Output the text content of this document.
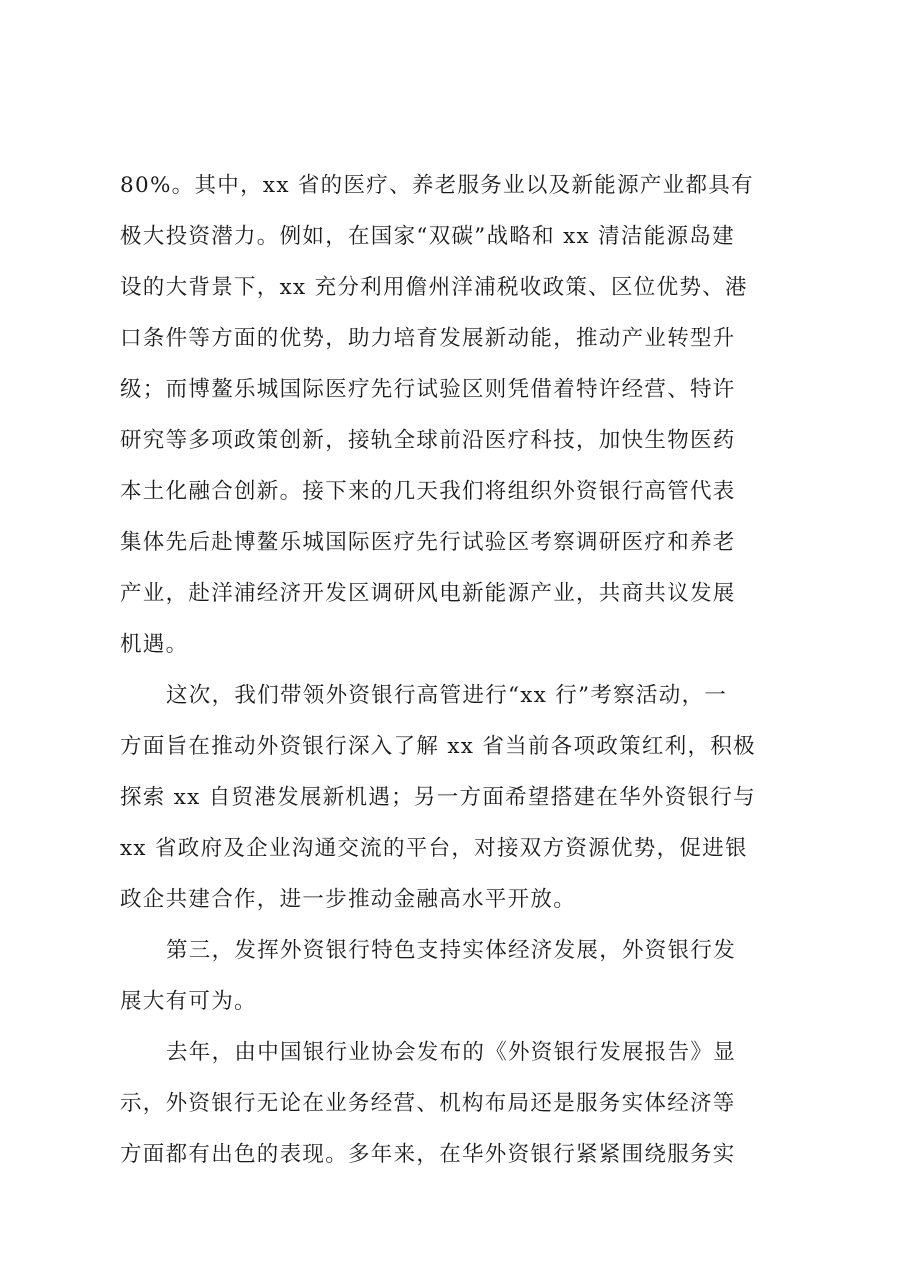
80%。其中，xx 省的医疗、养老服务业以及新能源产业都具有
极大投资潜力。例如，在国家“双碳”战略和 xx 清洁能源岛建
设的大背景下，xx 充分利用儋州洋浦税收政策、区位优势、港
口条件等方面的优势，助力培育发展新动能，推动产业转型升
级；而博鳌乐城国际医疗先行试验区则凭借着特许经营、特许
研究等多项政策创新，接轨全球前沿医疗科技，加快生物医药
本土化融合创新。接下来的几天我们将组织外资银行高管代表
集体先后赴博鳌乐城国际医疗先行试验区考察调研医疗和养老
产业，赴洋浦经济开发区调研风电新能源产业，共商共议发展
机遇。
这次，我们带领外资银行高管进行“xx 行”考察活动，一
方面旨在推动外资银行深入了解 xx 省当前各项政策红利，积极
探索 xx 自贸港发展新机遇；另一方面希望搭建在华外资银行与
xx 省政府及企业沟通交流的平台，对接双方资源优势，促进银
政企共建合作，进一步推动金融高水平开放。
第三，发挥外资银行特色支持实体经济发展，外资银行发
展大有可为。
去年，由中国银行业协会发布的《外资银行发展报告》显
示，外资银行无论在业务经营、机构布局还是服务实体经济等
方面都有出色的表现。多年来，在华外资银行紧紧围绕服务实
